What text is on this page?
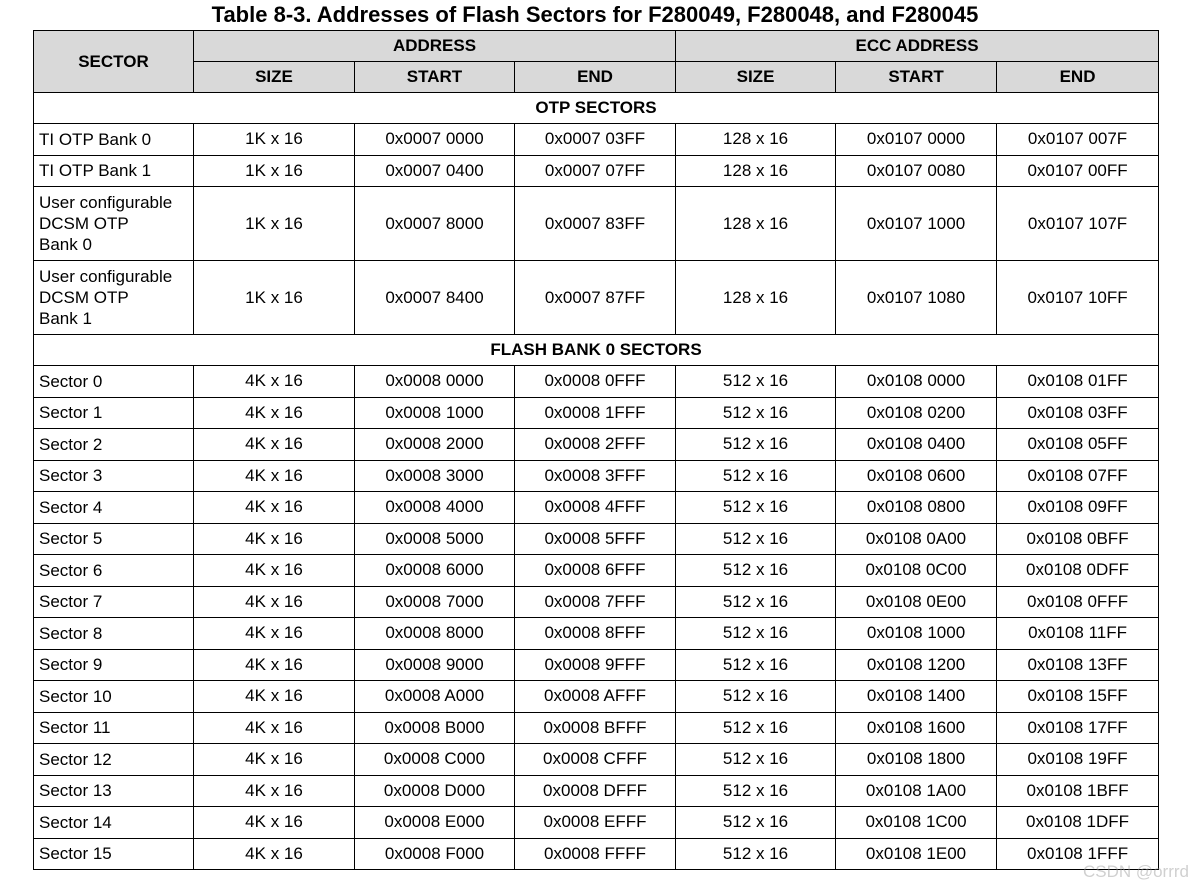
Table 8-3. Addresses of Flash Sectors for F280049, F280048, and F280045
SECTOR	ADDRESS			ECC ADDRESS		
	SIZE	START	END	SIZE	START	END
OTP SECTORS						

TI OTP Bank 0	1K x 16	0x0007 0000	0x0007 03FF	128 x 16	0x0107 0000	0x0107 007F

TI OTP Bank 1	1K x 16	0x0007 0400	0x0007 07FF	128 x 16	0x0107 0080	0x0107 00FF

User configurable
DCSM OTP
Bank 0	1K x 16	0x0007 8000	0x0007 83FF	128 x 16	0x0107 1000	0x0107 107F

User configurable
DCSM OTP
Bank 1	1K x 16	0x0007 8400	0x0007 87FF	128 x 16	0x0107 1080	0x0107 10FF
FLASH BANK 0 SECTORS						

Sector 0	4K x 16	0x0008 0000	0x0008 0FFF	512 x 16	0x0108 0000	0x0108 01FF

Sector 1	4K x 16	0x0008 1000	0x0008 1FFF	512 x 16	0x0108 0200	0x0108 03FF

Sector 2	4K x 16	0x0008 2000	0x0008 2FFF	512 x 16	0x0108 0400	0x0108 05FF

Sector 3	4K x 16	0x0008 3000	0x0008 3FFF	512 x 16	0x0108 0600	0x0108 07FF

Sector 4	4K x 16	0x0008 4000	0x0008 4FFF	512 x 16	0x0108 0800	0x0108 09FF

Sector 5	4K x 16	0x0008 5000	0x0008 5FFF	512 x 16	0x0108 0A00	0x0108 0BFF

Sector 6	4K x 16	0x0008 6000	0x0008 6FFF	512 x 16	0x0108 0C00	0x0108 0DFF

Sector 7	4K x 16	0x0008 7000	0x0008 7FFF	512 x 16	0x0108 0E00	0x0108 0FFF

Sector 8	4K x 16	0x0008 8000	0x0008 8FFF	512 x 16	0x0108 1000	0x0108 11FF

Sector 9	4K x 16	0x0008 9000	0x0008 9FFF	512 x 16	0x0108 1200	0x0108 13FF

Sector 10	4K x 16	0x0008 A000	0x0008 AFFF	512 x 16	0x0108 1400	0x0108 15FF

Sector 11	4K x 16	0x0008 B000	0x0008 BFFF	512 x 16	0x0108 1600	0x0108 17FF

Sector 12	4K x 16	0x0008 C000	0x0008 CFFF	512 x 16	0x0108 1800	0x0108 19FF

Sector 13	4K x 16	0x0008 D000	0x0008 DFFF	512 x 16	0x0108 1A00	0x0108 1BFF

Sector 14	4K x 16	0x0008 E000	0x0008 EFFF	512 x 16	0x0108 1C00	0x0108 1DFF

Sector 15	4K x 16	0x0008 F000	0x0008 FFFF	512 x 16	0x0108 1E00	0x0108 1FFF
CSDN @orrrd
